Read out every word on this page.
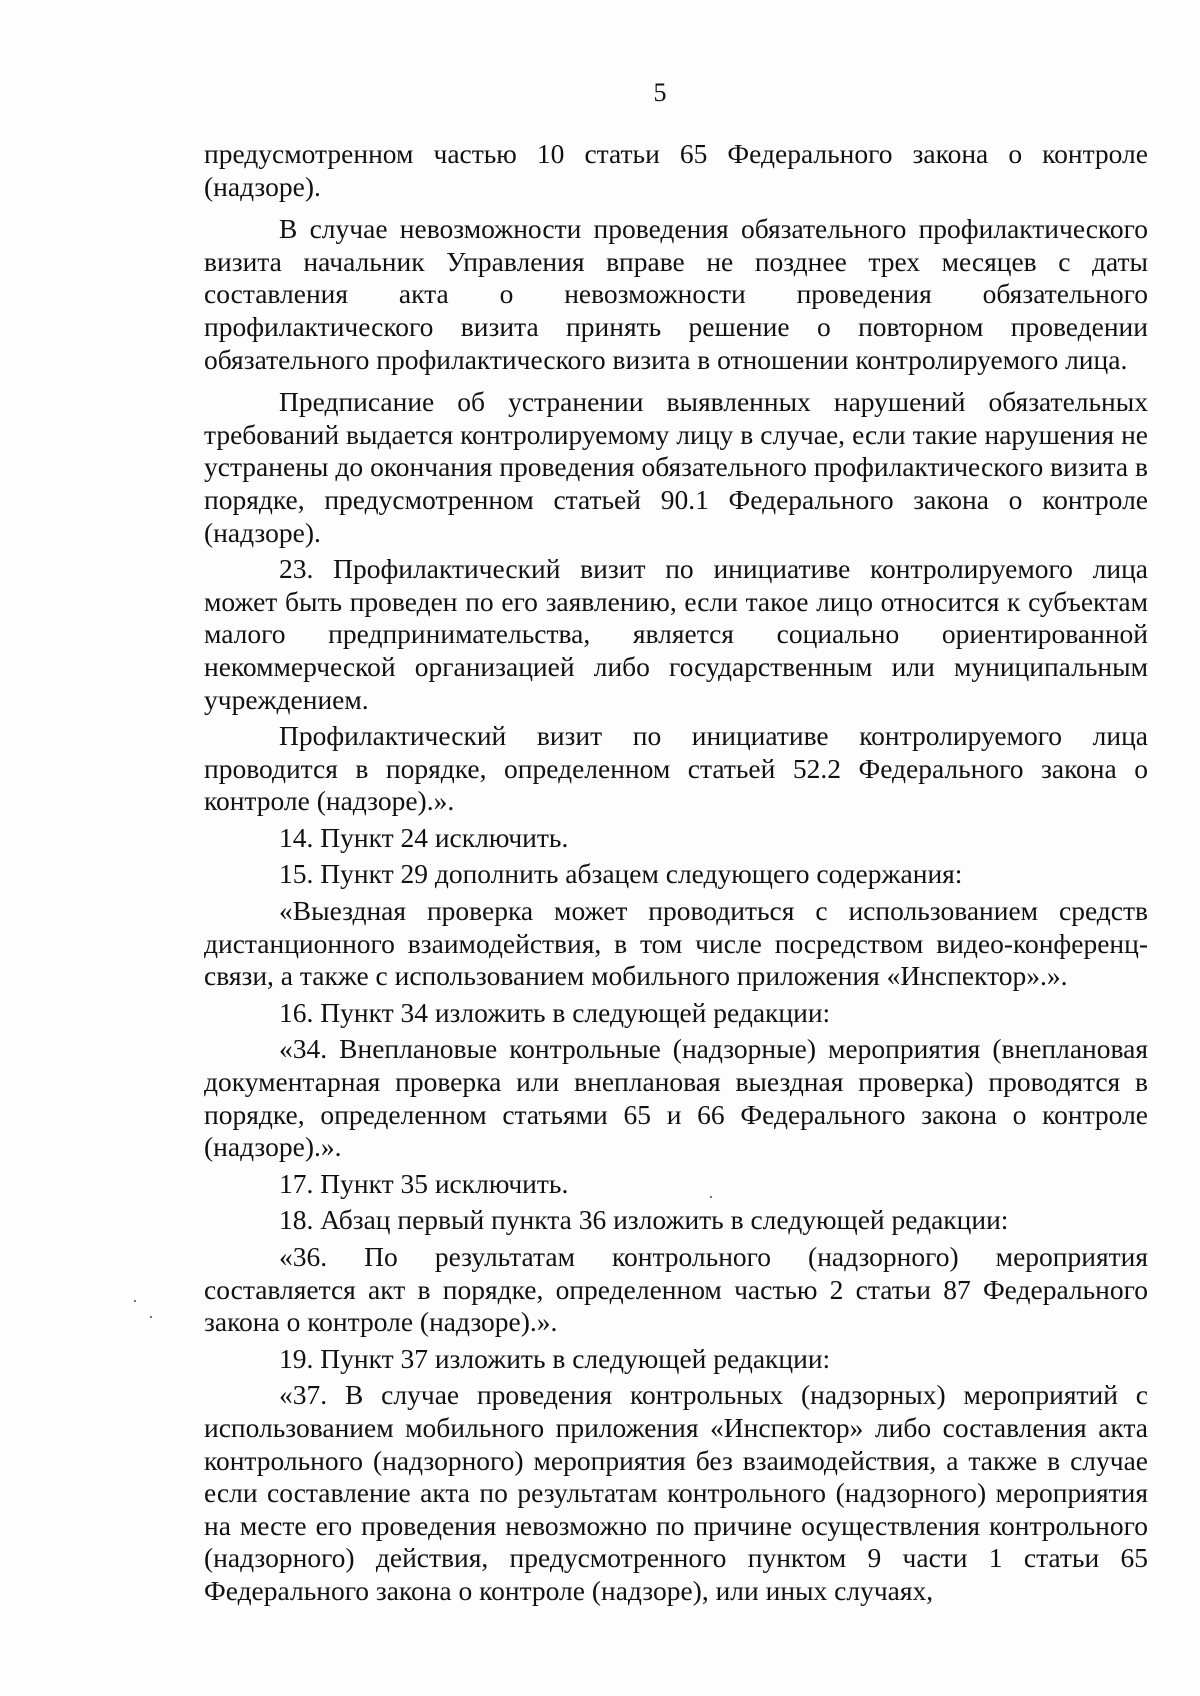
5

предусмотренном частью 10 статьи 65 Федерального закона о контроле (надзоре).

В случае невозможности проведения обязательного профилактического визита начальник Управления вправе не позднее трех месяцев с даты составления акта о невозможности проведения обязательного профилактического визита принять решение о повторном проведении обязательного профилактического визита в отношении контролируемого лица.

Предписание об устранении выявленных нарушений обязательных требований выдается контролируемому лицу в случае, если такие нарушения не устранены до окончания проведения обязательного профилактического визита в порядке, предусмотренном статьей 90.1 Федерального закона о контроле (надзоре).

23. Профилактический визит по инициативе контролируемого лица может быть проведен по его заявлению, если такое лицо относится к субъектам малого предпринимательства, является социально ориентированной некоммерческой организацией либо государственным или муниципальным учреждением.

Профилактический визит по инициативе контролируемого лица проводится в порядке, определенном статьей 52.2 Федерального закона о контроле (надзоре).».

14. Пункт 24 исключить.

15. Пункт 29 дополнить абзацем следующего содержания:

«Выездная проверка может проводиться с использованием средств дистанционного взаимодействия, в том числе посредством видео-конференц-связи, а также с использованием мобильного приложения «Инспектор».».

16. Пункт 34 изложить в следующей редакции:

«34. Внеплановые контрольные (надзорные) мероприятия (внеплановая документарная проверка или внеплановая выездная проверка) проводятся в порядке, определенном статьями 65 и 66 Федерального закона о контроле (надзоре).».

17. Пункт 35 исключить.

18. Абзац первый пункта 36 изложить в следующей редакции:

«36. По результатам контрольного (надзорного) мероприятия составляется акт в порядке, определенном частью 2 статьи 87 Федерального закона о контроле (надзоре).».

19. Пункт 37 изложить в следующей редакции:

«37. В случае проведения контрольных (надзорных) мероприятий с использованием мобильного приложения «Инспектор» либо составления акта контрольного (надзорного) мероприятия без взаимодействия, а также в случае если составление акта по результатам контрольного (надзорного) мероприятия на месте его проведения невозможно по причине осуществления контрольного (надзорного) действия, предусмотренного пунктом 9 части 1 статьи 65 Федерального закона о контроле (надзоре), или иных случаях,
